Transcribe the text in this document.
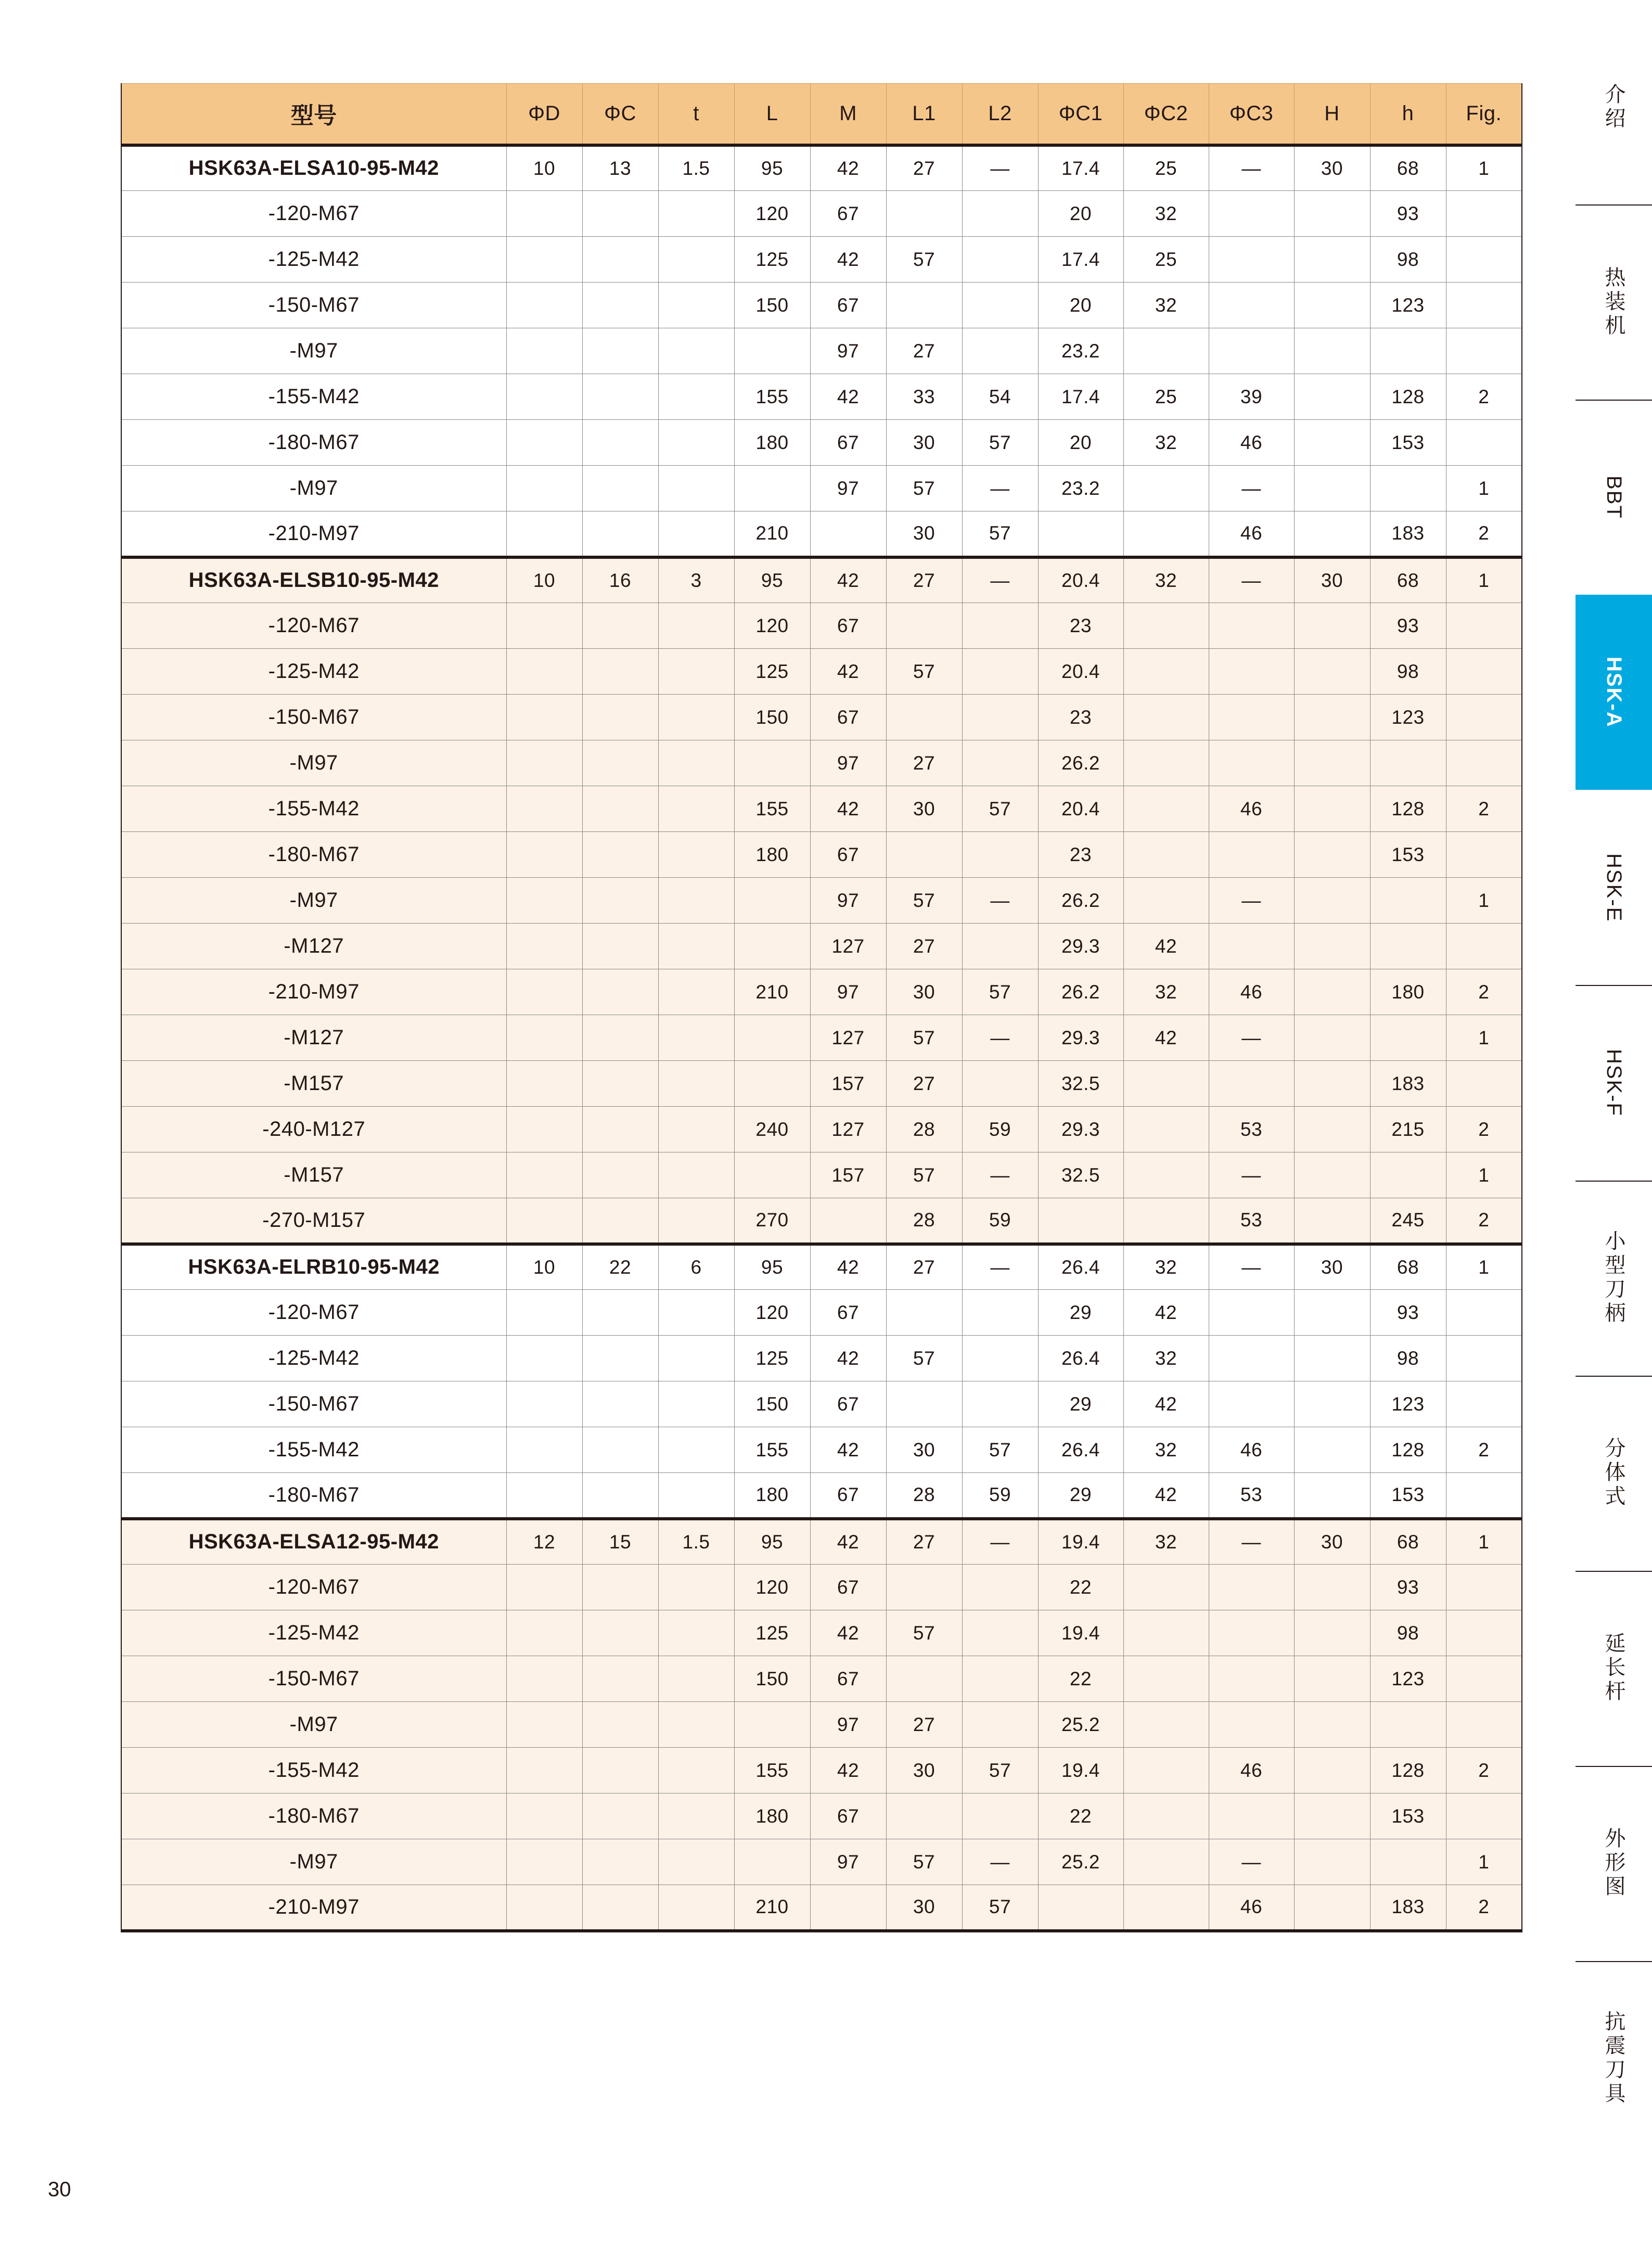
型号	ΦD	ΦC	t	L	M	L1	L2	ΦC1	ΦC2	ΦC3	H	h	Fig.
HSK63A-ELSA10-95-M42	10	13	1.5	95	42	27	—	17.4	25	—	30	68	1
-120-M67				120	67			20	32			93	
-125-M42				125	42	57		17.4	25			98	
-150-M67				150	67			20	32			123	
-M97					97	27		23.2					
-155-M42				155	42	33	54	17.4	25	39		128	2
-180-M67				180	67	30	57	20	32	46		153	
-M97					97	57	—	23.2		—			1
-210-M97				210		30	57			46		183	2
HSK63A-ELSB10-95-M42	10	16	3	95	42	27	—	20.4	32	—	30	68	1
-120-M67				120	67			23				93	
-125-M42				125	42	57		20.4				98	
-150-M67				150	67			23				123	
-M97					97	27		26.2					
-155-M42				155	42	30	57	20.4		46		128	2
-180-M67				180	67			23				153	
-M97					97	57	—	26.2		—			1
-M127					127	27		29.3	42				
-210-M97				210	97	30	57	26.2	32	46		180	2
-M127					127	57	—	29.3	42	—			1
-M157					157	27		32.5				183	
-240-M127				240	127	28	59	29.3		53		215	2
-M157					157	57	—	32.5		—			1
-270-M157				270		28	59			53		245	2
HSK63A-ELRB10-95-M42	10	22	6	95	42	27	—	26.4	32	—	30	68	1
-120-M67				120	67			29	42			93	
-125-M42				125	42	57		26.4	32			98	
-150-M67				150	67			29	42			123	
-155-M42				155	42	30	57	26.4	32	46		128	2
-180-M67				180	67	28	59	29	42	53		153	
HSK63A-ELSA12-95-M42	12	15	1.5	95	42	27	—	19.4	32	—	30	68	1
-120-M67				120	67			22				93	
-125-M42				125	42	57		19.4				98	
-150-M67				150	67			22				123	
-M97					97	27		25.2					
-155-M42				155	42	30	57	19.4		46		128	2
-180-M67				180	67			22				153	
-M97					97	57	—	25.2		—			1
-210-M97				210		30	57			46		183	2
介绍
热装机
BBT
HSK-A
HSK-E
HSK-F
小型刀柄
分体式
延长杆
外形图
抗震刀具
30
